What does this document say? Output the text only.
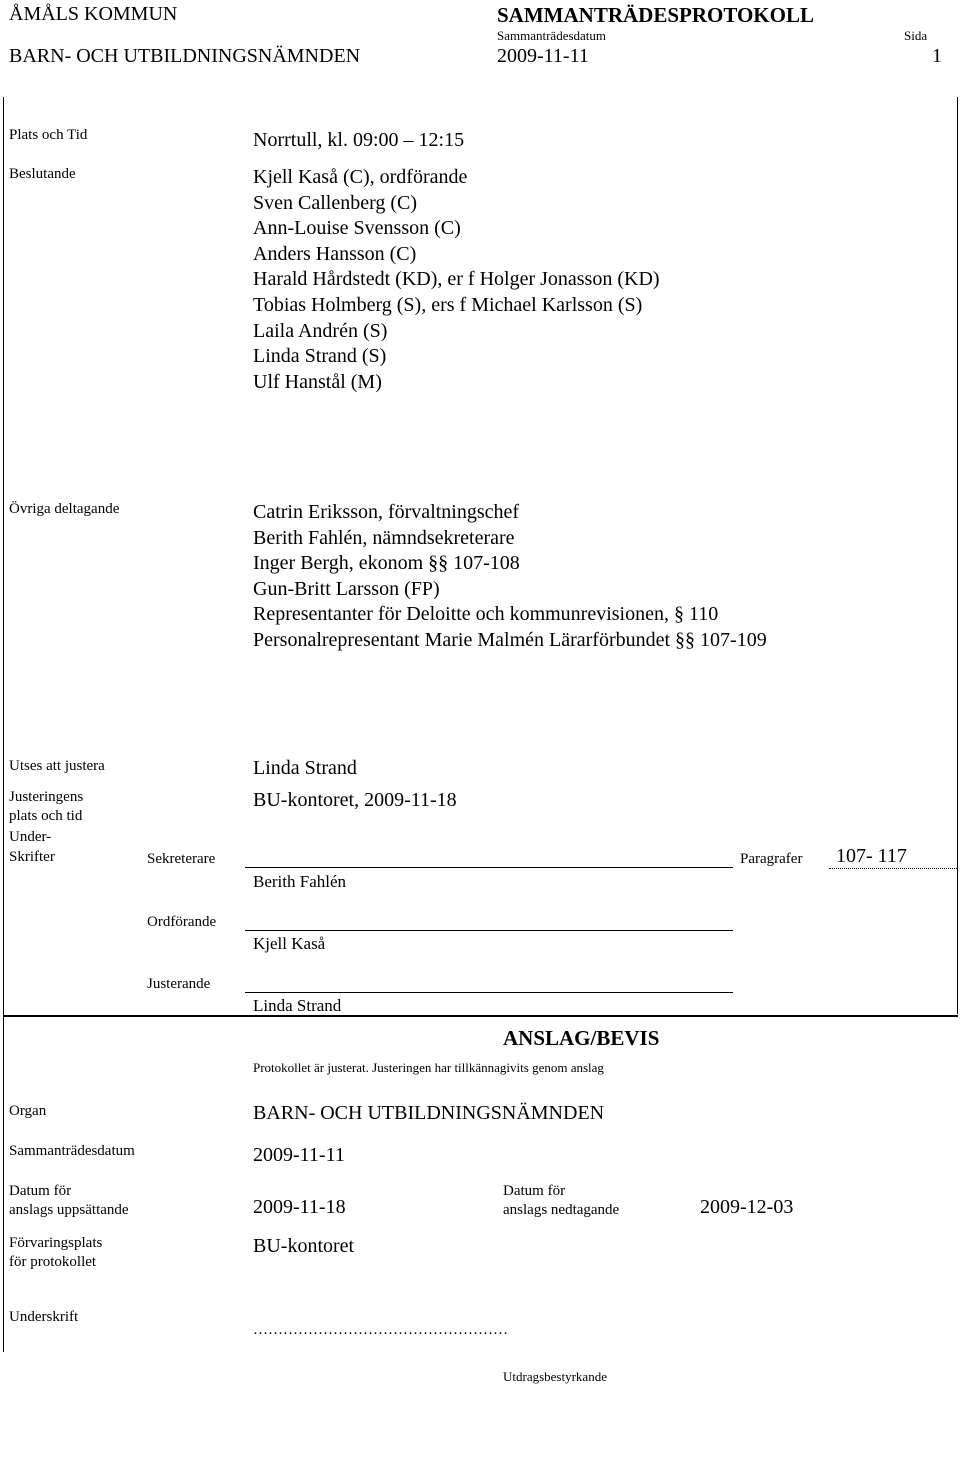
ÅMÅLS KOMMUN
BARN- OCH UTBILDNINGSNÄMNDEN
SAMMANTRÄDESPROTOKOLL
Sammanträdesdatum
2009-11-11
Sida
1
Plats och Tid	Norrtull, kl. 09:00 – 12:15
Beslutande	Kjell Kaså (C), ordförande
Sven Callenberg (C)
Ann-Louise Svensson (C)
Anders Hansson (C)
Harald Hårdstedt (KD), er f Holger Jonasson (KD)
Tobias Holmberg (S), ers f Michael Karlsson (S)
Laila Andrén (S)
Linda Strand (S)
Ulf Hanstål (M)
Övriga deltagande	Catrin Eriksson, förvaltningschef
Berith Fahlén, nämndsekreterare
Inger Bergh, ekonom §§ 107-108
Gun-Britt Larsson (FP)
Representanter för Deloitte och kommunrevisionen, § 110
Personalrepresentant Marie Malmén Lärarförbundet §§ 107-109
Utses att justera	Linda Strand
Justeringens
plats och tid
BU-kontoret, 2009-11-18
Under-
Skrifter	Sekreterare	Paragrafer 107- 117
Berith Fahlén
Ordförande
Kjell Kaså
Justerande
Linda Strand
ANSLAG/BEVIS
Protokollet är justerat. Justeringen har tillkännagivits genom anslag
Organ	BARN- OCH UTBILDNINGSNÄMNDEN
Sammanträdesdatum	2009-11-11
Datum för
anslags uppsättande	2009-11-18
Datum för
anslags nedtagande	2009-12-03
Förvaringsplats
för protokollet
BU-kontoret
Underskrift
……………………………………………
Utdragsbestyrkande
